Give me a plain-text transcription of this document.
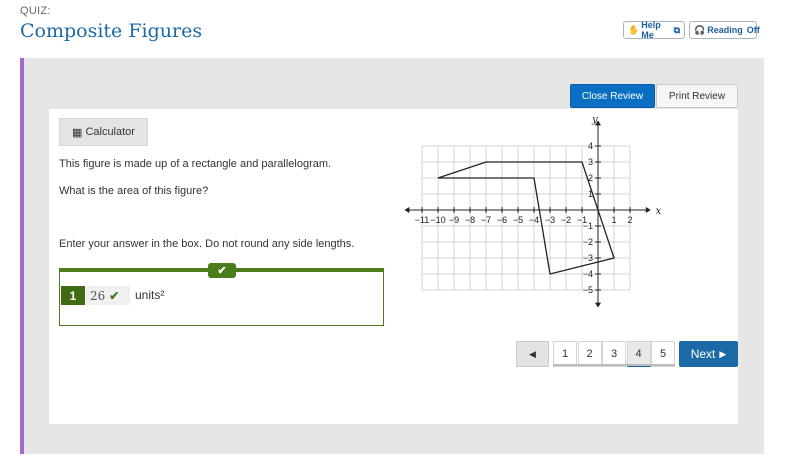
QUIZ:
Composite Figures	✋ Help Me
⧉ 🎧 Reading Off
Close Review	Print Review
▦ Calculator
This figure is made up of a rectangle and parallelogram.
What is the area of this figure?
Enter your answer in the box. Do not round any side lengths.
✔
1	26 ✔ units²
−11 −10 −9 −8 −7 −6 −5 −4 −3 −2 −1	1 2
4
3
2
1
−1
−2
−3
−4
−5
x
y
◀	1	2	3	4	5	Next ▶
